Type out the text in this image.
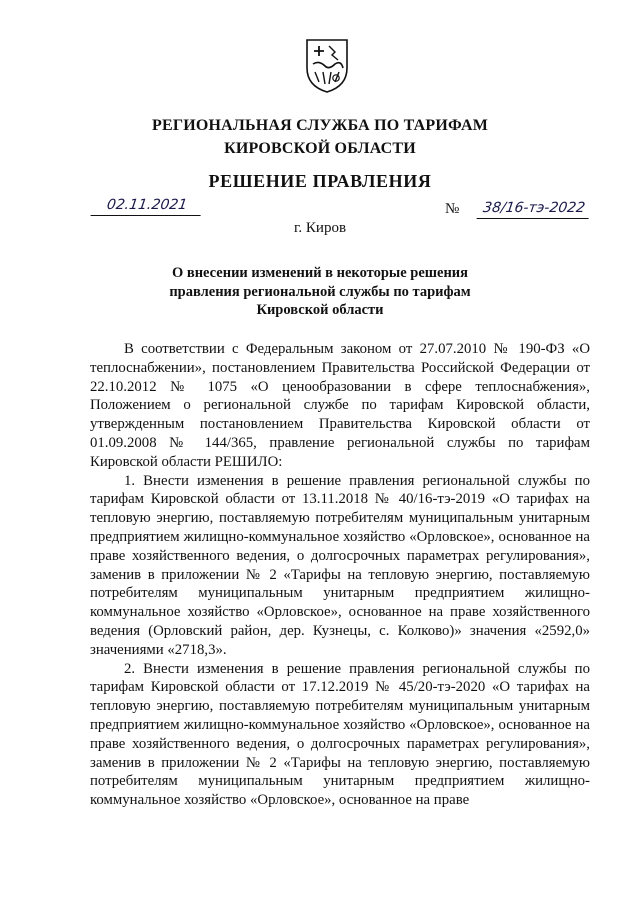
РЕГИОНАЛЬНАЯ СЛУЖБА ПО ТАРИФАМ
КИРОВСКОЙ ОБЛАСТИ
РЕШЕНИЕ ПРАВЛЕНИЯ
02.11.2021	№	38/16-тэ-2022
г. Киров
О внесении изменений в некоторые решения
правления региональной службы по тарифам
Кировской области

В соответствии с Федеральным законом от 27.07.2010 № 190-ФЗ «О теплоснабжении», постановлением Правительства Российской Федерации от 22.10.2012 № 1075 «О ценообразовании в сфере теплоснабжения», Положением о региональной службе по тарифам Кировской области, утвержденным постановлением Правительства Кировской области от 01.09.2008 № 144/365, правление региональной службы по тарифам Кировской области РЕШИЛО:

1. Внести изменения в решение правления региональной службы по тарифам Кировской области от 13.11.2018 № 40/16-тэ-2019 «О тарифах на тепловую энергию, поставляемую потребителям муниципальным унитарным предприятием жилищно-коммунальное хозяйство «Орловское», основанное на праве хозяйственного ведения, о долгосрочных параметрах регулирования», заменив в приложении № 2 «Тарифы на тепловую энергию, поставляемую потребителям муниципальным унитарным предприятием жилищно-коммунальное хозяйство «Орловское», основанное на праве хозяйственного ведения (Орловский район, дер. Кузнецы, с. Колково)» значения «2592,0» значениями «2718,3».

2. Внести изменения в решение правления региональной службы по тарифам Кировской области от 17.12.2019 № 45/20-тэ-2020 «О тарифах на тепловую энергию, поставляемую потребителям муниципальным унитарным предприятием жилищно-коммунальное хозяйство «Орловское», основанное на праве хозяйственного ведения, о долгосрочных параметрах регулирования», заменив в приложении № 2 «Тарифы на тепловую энергию, поставляемую потребителям муниципальным унитарным предприятием жилищно-коммунальное хозяйство «Орловское», основанное на праве
